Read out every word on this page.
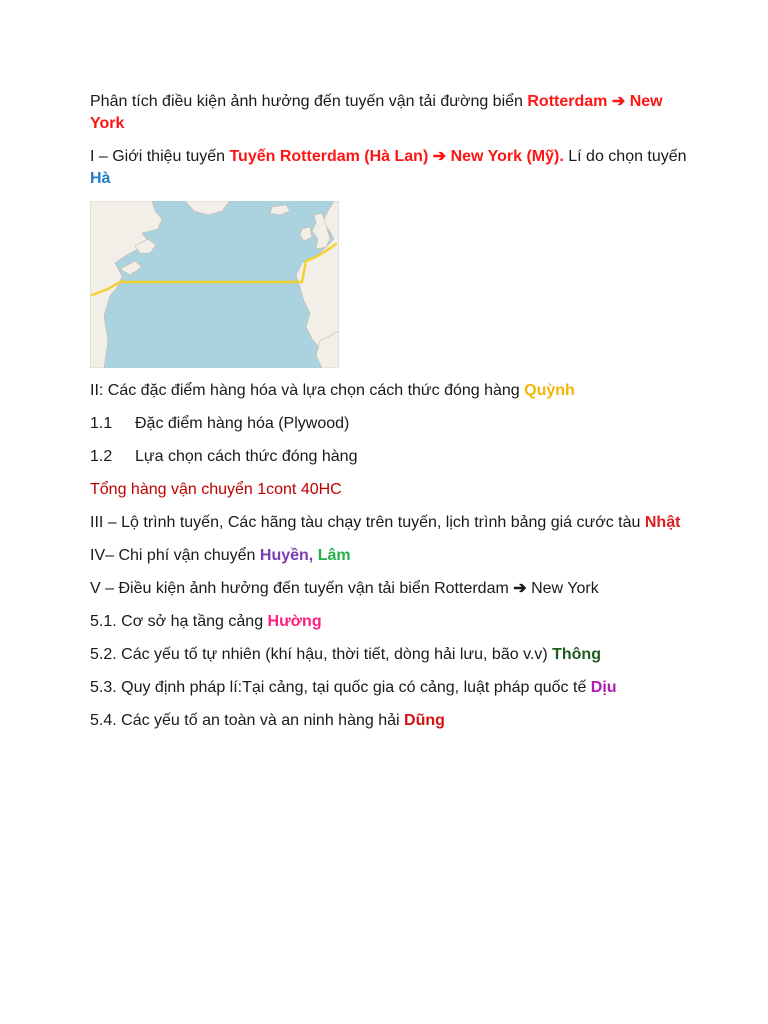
Phân tích điều kiện ảnh hưởng đến tuyến vận tải đường biển Rotterdam ➔ New
York

I – Giới thiệu tuyến Tuyến Rotterdam (Hà Lan) ➔ New York (Mỹ). Lí do chọn tuyến Hà

II: Các đặc điểm hàng hóa và lựa chọn cách thức đóng hàng Quỳnh

1.1 Đặc điểm hàng hóa (Plywood)

1.2 Lựa chọn cách thức đóng hàng

Tổng hàng vận chuyển 1cont 40HC

III – Lộ trình tuyến, Các hãng tàu chạy trên tuyến, lịch trình bảng giá cước tàu Nhật

IV– Chi phí vận chuyển Huyền, Lâm

V – Điều kiện ảnh hưởng đến tuyến vận tải biển Rotterdam ➔ New York

5.1. Cơ sở hạ tầng cảng Hường

5.2. Các yếu tố tự nhiên (khí hậu, thời tiết, dòng hải lưu, bão v.v) Thông

5.3. Quy định pháp lí:Tại cảng, tại quốc gia có cảng, luật pháp quốc tế Dịu

5.4. Các yếu tố an toàn và an ninh hàng hải Dũng
